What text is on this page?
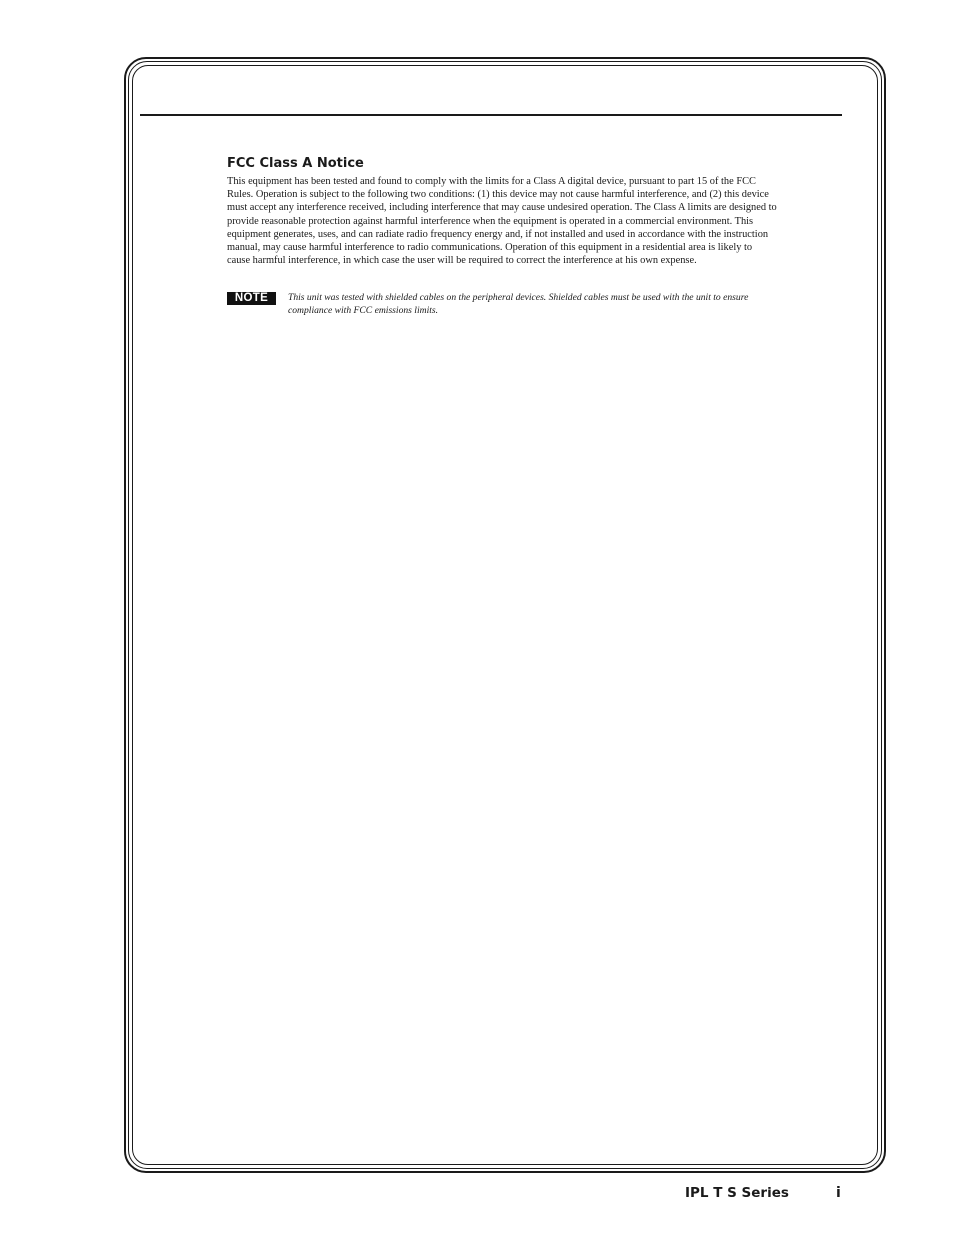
FCC Class A Notice

This equipment has been tested and found to comply with the limits for a Class A digital device, pursuant to part 15 of the FCC Rules. Operation is subject to the following two conditions: (1) this device may not cause harmful interference, and (2) this device must accept any interference received, including interference that may cause undesired operation. The Class A limits are designed to provide reasonable protection against harmful interference when the equipment is operated in a commercial environment. This equipment generates, uses, and can radiate radio frequency energy and, if not installed and used in accordance with the instruction manual, may cause harmful interference to radio communications. Operation of this equipment in a residential area is likely to cause harmful interference, in which case the user will be required to correct the interference at his own expense.

NOTE	This unit was tested with shielded cables on the peripheral devices. Shielded cables must be used with the unit to ensure compliance with FCC emissions limits.

IPL T S Series	i
